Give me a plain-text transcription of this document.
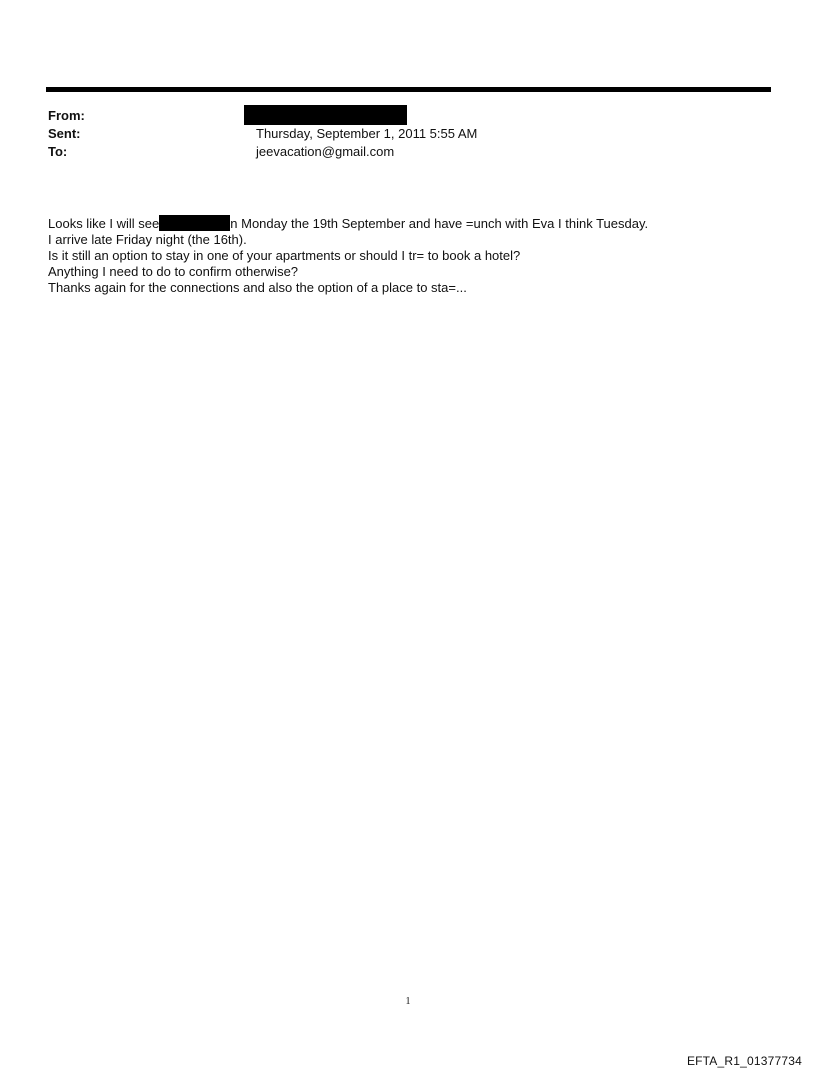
From:
Sent:	Thursday, September 1, 2011 5:55 AM
To:	jeevacation@gmail.com
Looks like I will see	n Monday the 19th September and have =unch with Eva I think Tuesday.
I arrive late Friday night (the 16th).
Is it still an option to stay in one of your apartments or should I tr= to book a hotel?
Anything I need to do to confirm otherwise?
Thanks again for the connections and also the option of a place to sta=...
1
EFTA_R1_01377734
